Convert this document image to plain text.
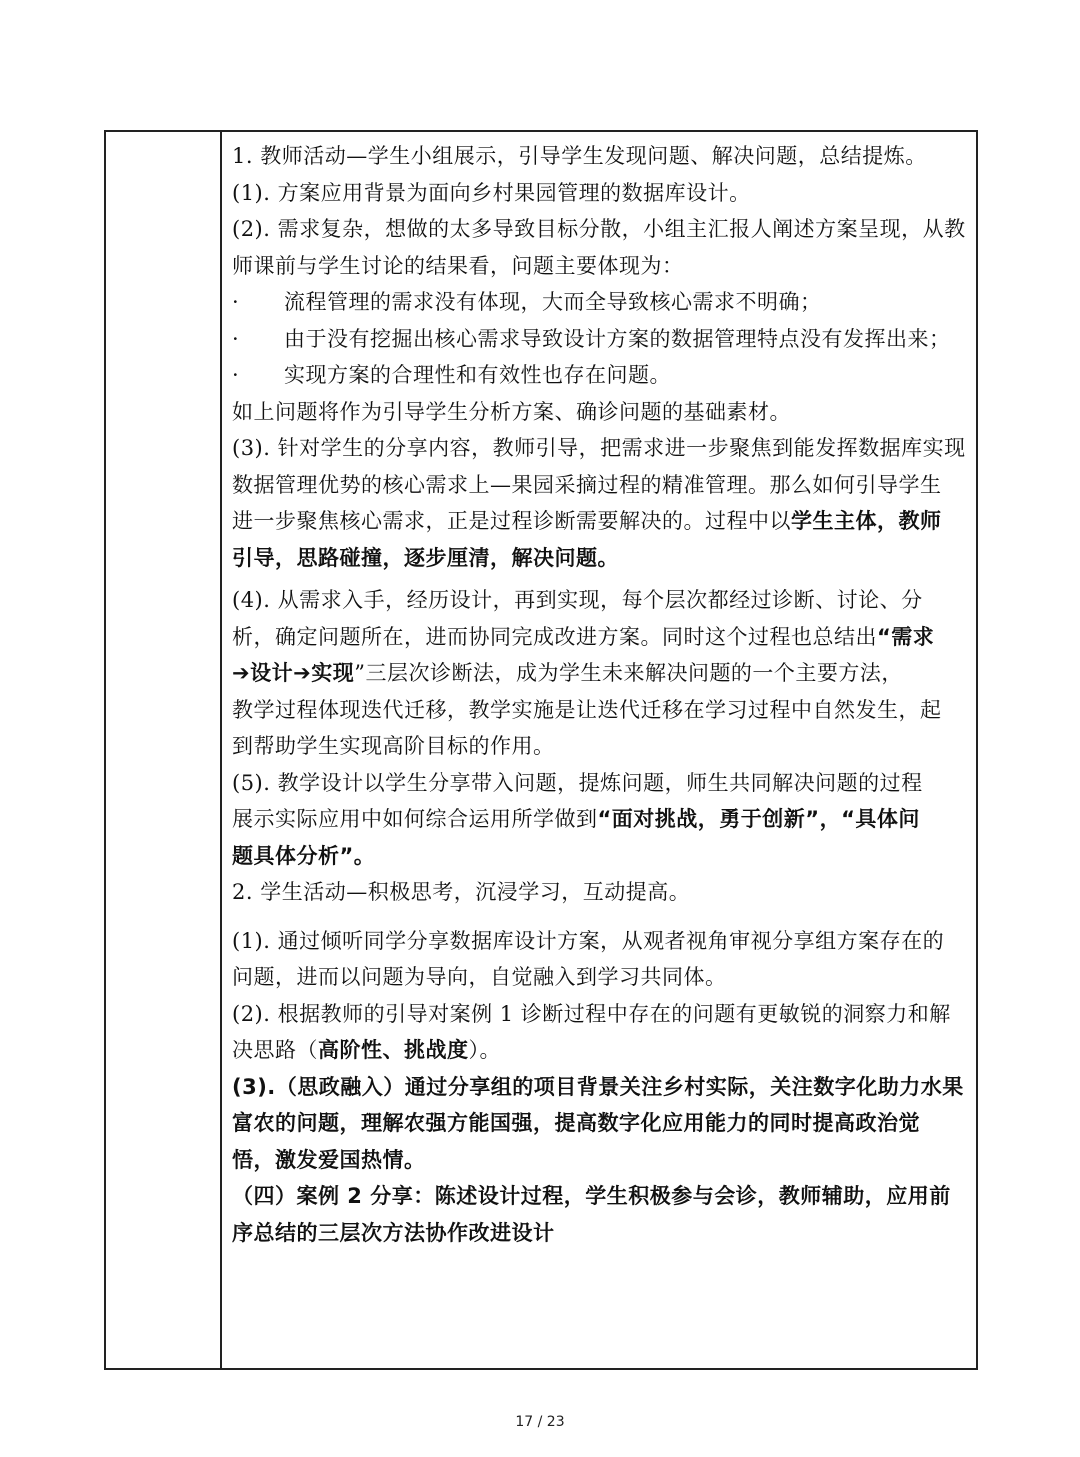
1. 教师活动—学生小组展示，引导学生发现问题、解决问题，总结提炼。
(1). 方案应用背景为面向乡村果园管理的数据库设计。
(2). 需求复杂，想做的太多导致目标分散，小组主汇报人阐述方案呈现，从教
师课前与学生讨论的结果看，问题主要体现为：
· 流程管理的需求没有体现，大而全导致核心需求不明确；
· 由于没有挖掘出核心需求导致设计方案的数据管理特点没有发挥出来；
· 实现方案的合理性和有效性也存在问题。
如上问题将作为引导学生分析方案、确诊问题的基础素材。
(3). 针对学生的分享内容，教师引导，把需求进一步聚焦到能发挥数据库实现
数据管理优势的核心需求上—果园采摘过程的精准管理。那么如何引导学生
进一步聚焦核心需求，正是过程诊断需要解决的。过程中以学生主体，教师
引导，思路碰撞，逐步厘清，解决问题。
(4). 从需求入手，经历设计，再到实现，每个层次都经过诊断、讨论、分
析，确定问题所在，进而协同完成改进方案。同时这个过程也总结出“需求
➔设计➔实现”三层次诊断法，成为学生未来解决问题的一个主要方法，
教学过程体现迭代迁移，教学实施是让迭代迁移在学习过程中自然发生，起
到帮助学生实现高阶目标的作用。
(5). 教学设计以学生分享带入问题，提炼问题，师生共同解决问题的过程
展示实际应用中如何综合运用所学做到“面对挑战，勇于创新”，“具体问
题具体分析”。
2. 学生活动—积极思考，沉浸学习，互动提高。
(1). 通过倾听同学分享数据库设计方案，从观者视角审视分享组方案存在的
问题，进而以问题为导向，自觉融入到学习共同体。
(2). 根据教师的引导对案例 1 诊断过程中存在的问题有更敏锐的洞察力和解
决思路（高阶性、挑战度）。
(3).（思政融入）通过分享组的项目背景关注乡村实际，关注数字化助力水果
富农的问题，理解农强方能国强，提高数字化应用能力的同时提高政治觉
悟，激发爱国热情。
（四）案例 2 分享：陈述设计过程，学生积极参与会诊，教师辅助，应用前
序总结的三层次方法协作改进设计
17 / 23
